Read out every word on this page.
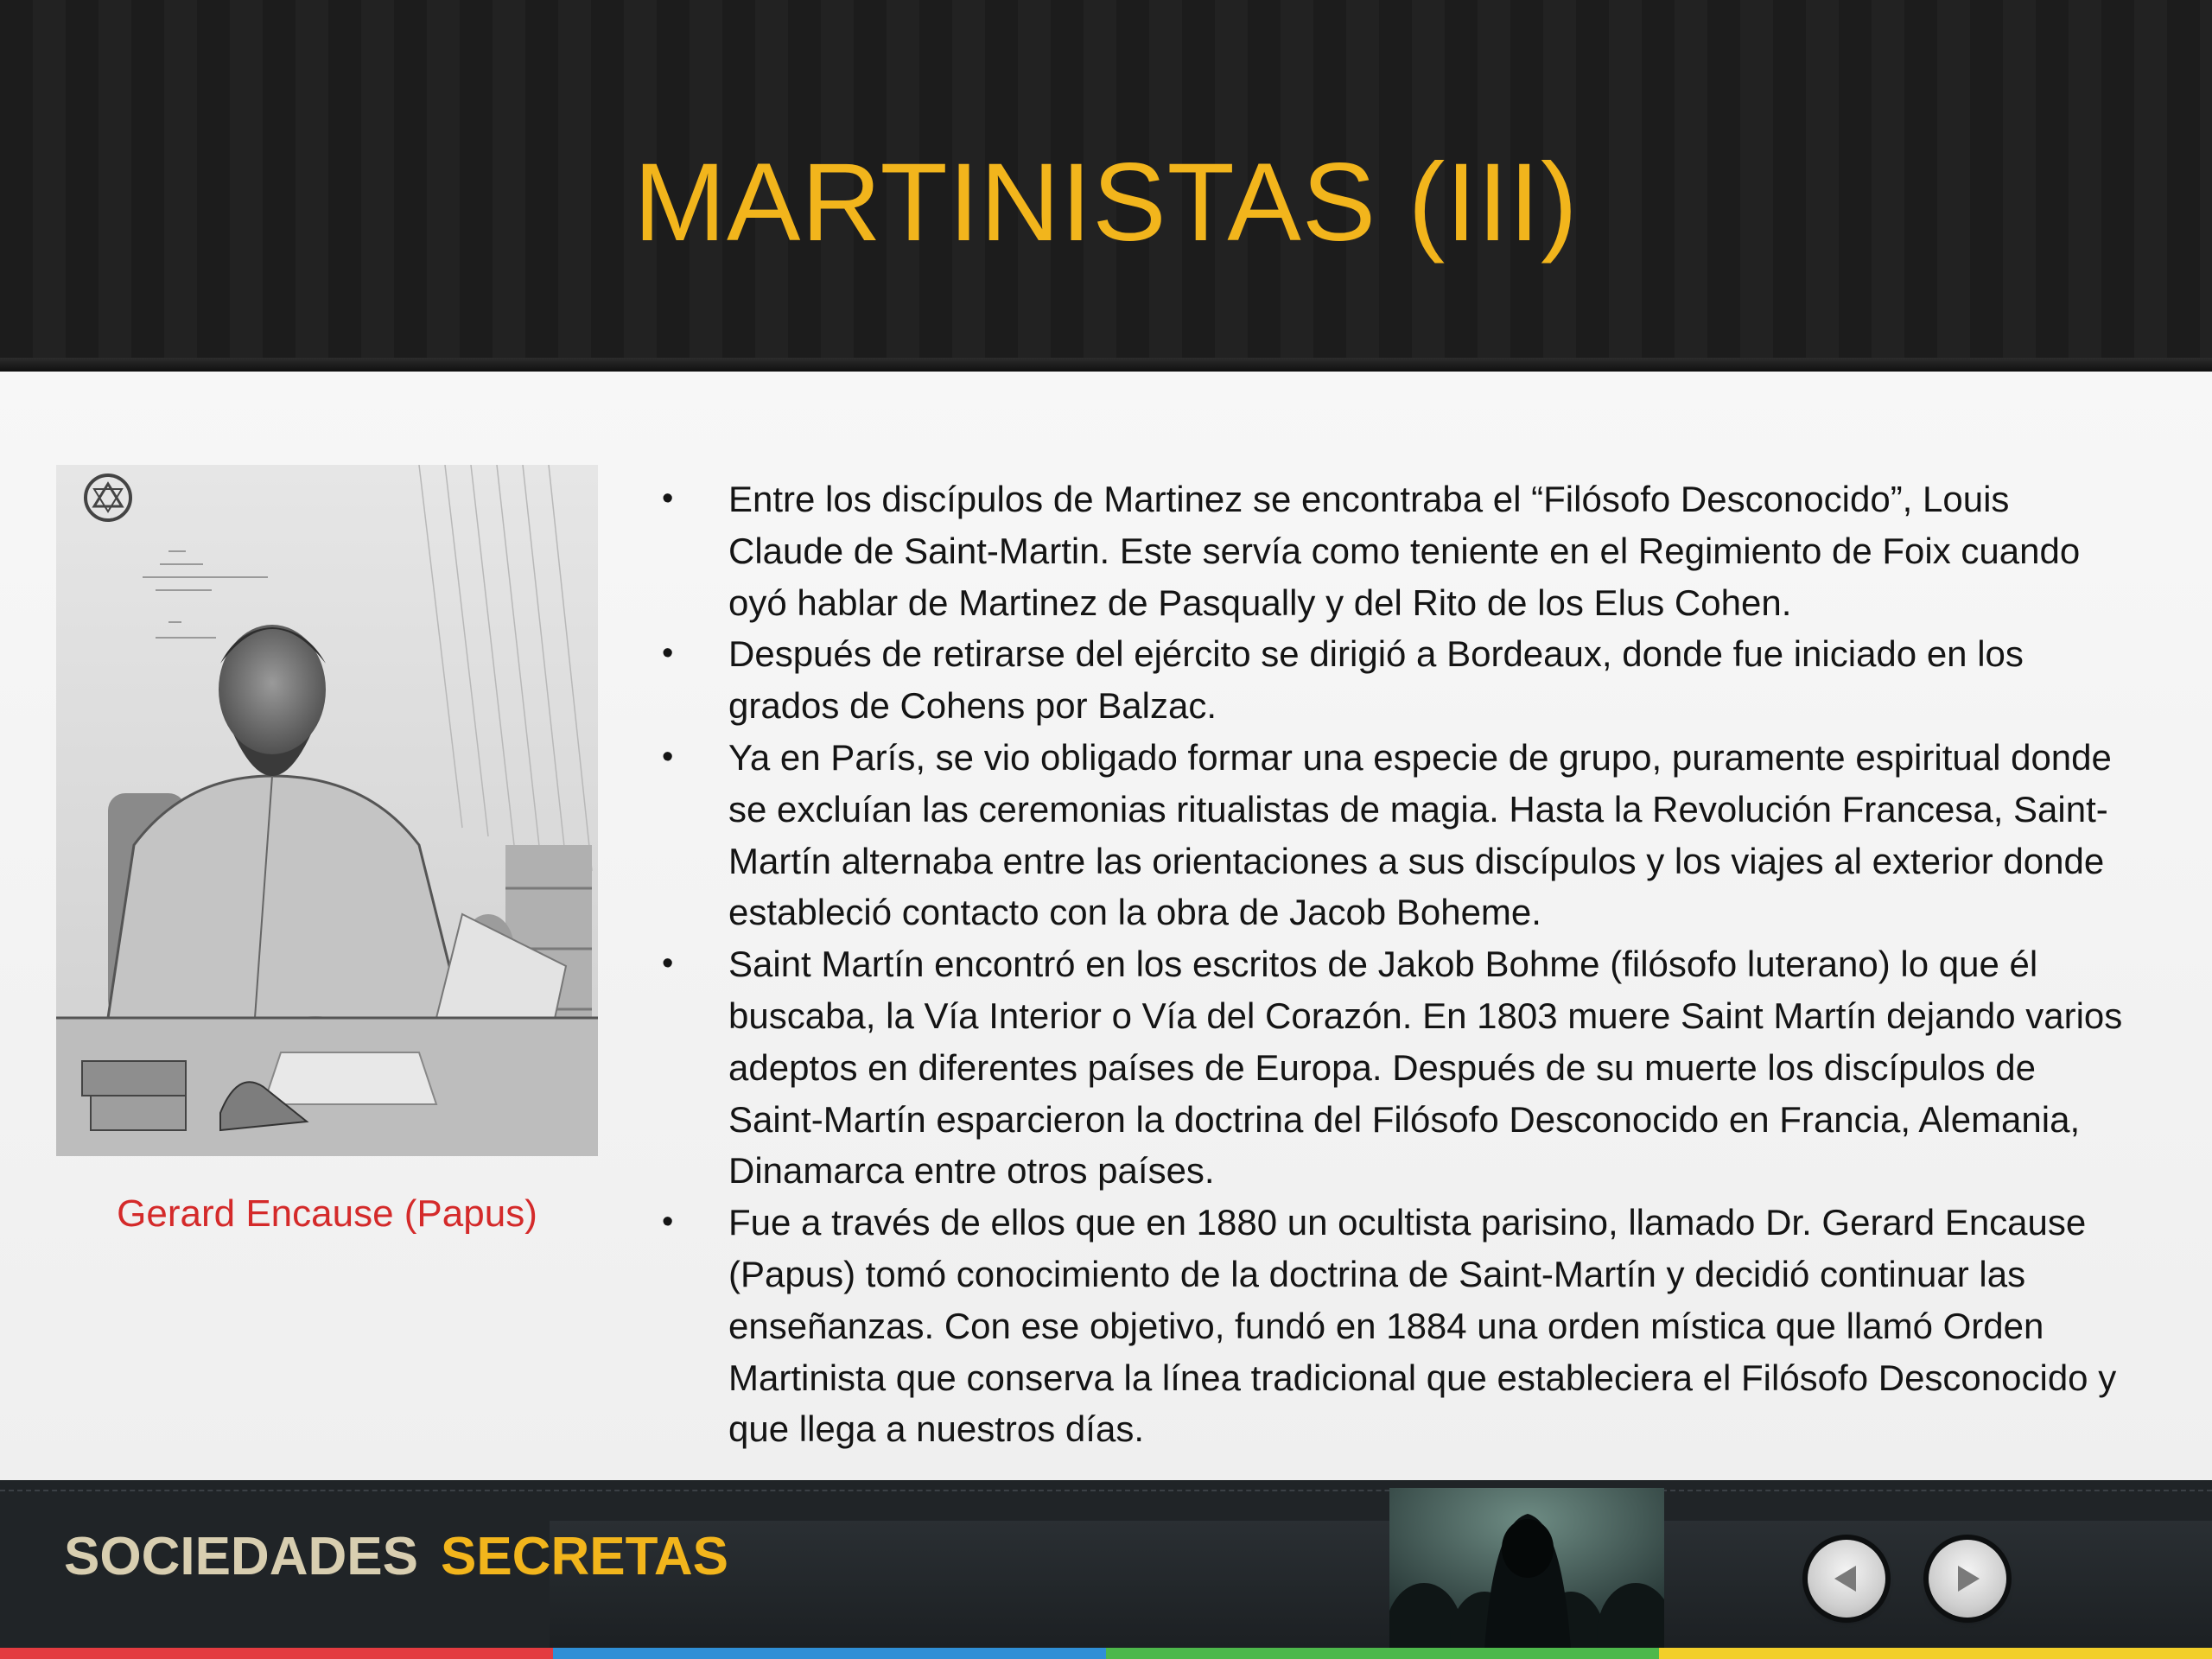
MARTINISTAS (III)
Gerard Encause (Papus)
• Entre los discípulos de Martinez se encontraba el “Filósofo Desconocido”, Louis Claude de Saint-Martin. Este servía como teniente en el Regimiento de Foix cuando oyó hablar de Martinez de Pasqually y del Rito de los Elus Cohen.
• Después de retirarse del ejército se dirigió a Bordeaux, donde fue iniciado en los grados de Cohens por Balzac.
• Ya en París, se vio obligado formar una especie de grupo, puramente espiritual donde se excluían las ceremonias ritualistas de magia. Hasta la Revolución Francesa, Saint-Martín alternaba entre las orientaciones a sus discípulos y los viajes al exterior donde estableció contacto con la obra de Jacob Boheme.
• Saint Martín encontró en los escritos de Jakob Bohme (filósofo luterano) lo que él buscaba, la Vía Interior o Vía del Corazón. En 1803 muere Saint Martín dejando varios adeptos en diferentes países de Europa. Después de su muerte los discípulos de Saint-Martín esparcieron la doctrina del Filósofo Desconocido en Francia, Alemania, Dinamarca entre otros países.
• Fue a través de ellos que en 1880 un ocultista parisino, llamado Dr. Gerard Encause (Papus) tomó conocimiento de la doctrina de Saint-Martín y decidió continuar las enseñanzas. Con ese objetivo, fundó en 1884 una orden mística que llamó Orden Martinista que conserva la línea tradicional que estableciera el Filósofo Desconocido y que llega a nuestros días.
SOCIEDADES SECRETAS
